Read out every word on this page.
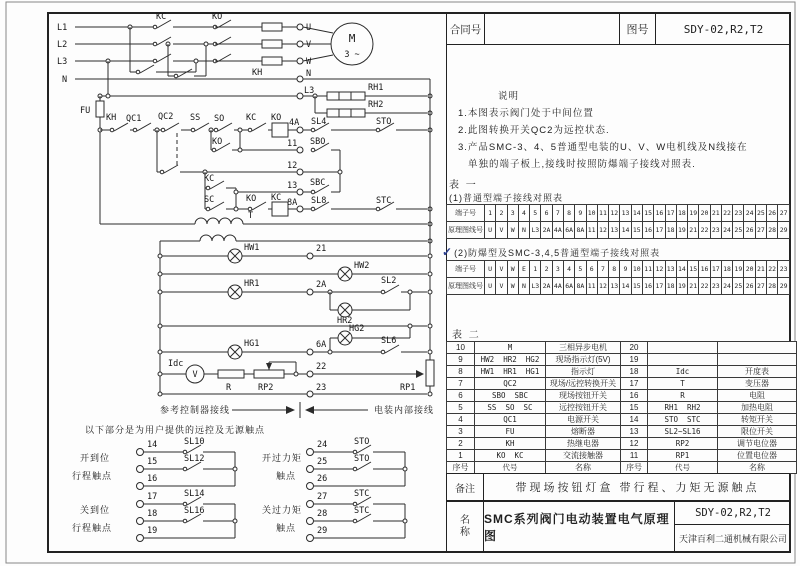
M
3 ~
L1
L2
L3
N
KC	KO
KH
U
V
W
N
L3	RH1
RH2
FU
KH QC1 QC2 SS SO	KC KO 4A SL4	STO
KO	11 SBO
12
KC
13 SBC
SC	KO KC 8A SL8	STC
T
HW1	21
HW2
HR1	2A	SL2
HR2
HG2
HG1	6A	SL6
Idc
V
R	RP2
22
23	RP1
参考控制器接线	电装内部接线
以下部分是为用户提供的远控及无源触点
开到位
行程触点
14
15
16
SL10
SL12
关到位
行程触点
17
18
19
SL14
SL16
开过力矩
触点
24
25
26
STO
STO
关过力矩
触点
27
28
29
STC
STC
合同号	图号	SDY-02,R2,T2
说明
1.本图表示阀门处于中间位置
2.此图转换开关QC2为远控状态.
3.产品SMC-3、4、5普通型电装的U、V、W电机线及N线接在
单独的端子板上,接线时按照防爆端子接线对照表.
表 一
(1)普通型端子接线对照表
端子号	1	2	3	4	5	6	7	8	9	10	11	12	13	14	15	16	17	18	19	20	21	22	23	24	25	26	27
原理图线号	U	V	W	N	L3	2A	4A	6A	8A	11	12	13	14	15	16	17	18	19	21	22	23	24	25	26	27	28	29
✓(2)防爆型及SMC-3,4,5普通型端子接线对照表
端子号	U	V	W	E	1	2	3	4	5	6	7	8	9	10	11	12	13	14	15	16	17	18	19	20	21	22	23
原理图线号	U	V	W	N	L3	2A	4A	6A	8A	11	12	13	14	15	16	17	18	19	21	22	23	24	25	26	27	28	29
表 二
10	M	三相异步电机	20		
9	HW2  HR2  HG2	现场指示灯(5V)	19		
8	HW1  HR1  HG1	指示灯	18	Idc	开度表
7	QC2	现场/远控转换开关	17	T	变压器
6	SBO  SBC	现场按钮开关	16	R	电阻
5	SS  SO  SC	远控按钮开关	15	RH1  RH2	加热电阻
4	QC1	电源开关	14	STO  STC	转矩开关
3	FU	熔断器	13	SL2~SL16	限位开关
2	KH	热继电器	12	RP2	调节电位器
1	KO  KC	交流接触器	11	RP1	位置电位器
序号	代号	名称	序号	代号	名称
备注	带现场按钮灯盒 带行程、力矩无源触点
名
称
SMC系列阀门电动装置电气原理图
SDY-02,R2,T2
天津百利二通机械有限公司
